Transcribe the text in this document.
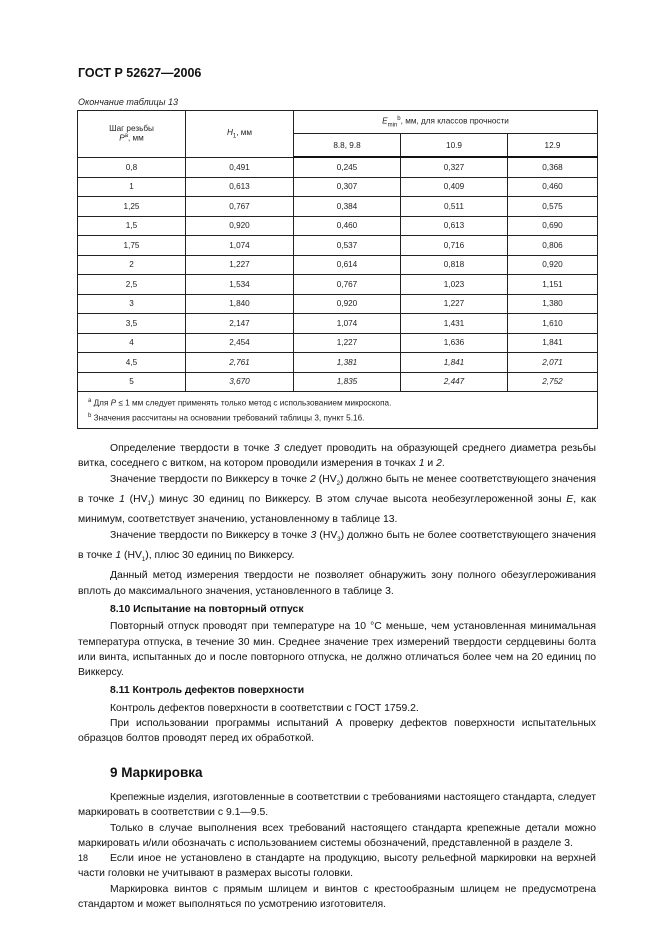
ГОСТ Р 52627—2006
Окончание таблицы 13
Шаг резьбы
$P^a$, мм	$H_1$, мм	$E_{min}^b$, мм, для классов прочности		
		8.8, 9.8	10.9	12.9
0,8	0,491	0,245	0,327	0,368
1	0,613	0,307	0,409	0,460
1,25	0,767	0,384	0,511	0,575
1,5	0,920	0,460	0,613	0,690
1,75	1,074	0,537	0,716	0,806
2	1,227	0,614	0,818	0,920
2,5	1,534	0,767	1,023	1,151
3	1,840	0,920	1,227	1,380
3,5	2,147	1,074	1,431	1,610
4	2,454	1,227	1,636	1,841
4,5	2,761	1,381	1,841	2,071
5	3,670	1,835	2,447	2,752

$^a$ Для P ≤ 1 мм следует применять только метод с использованием микроскопа.
$^b$ Значения рассчитаны на основании требований таблицы 3, пункт 5.16.				

Определение твердости в точке 3 следует проводить на образующей среднего диаметра резьбы витка, соседнего с витком, на котором проводили измерения в точках 1 и 2.

Значение твердости по Виккерсу в точке 2 $(HV_2)$ должно быть не менее соответствующего значения в точке 1 $(HV_1)$ минус 30 единиц по Виккерсу. В этом случае высота необезуглероженной зоны E, как минимум, соответствует значению, установленному в таблице 13.

Значение твердости по Виккерсу в точке 3 $(HV_3)$ должно быть не более соответствующего значения в точке 1 $(HV_1)$, плюс 30 единиц по Виккерсу.

Данный метод измерения твердости не позволяет обнаружить зону полного обезуглероживания вплоть до максимального значения, установленного в таблице 3.

8.10 Испытание на повторный отпуск

Повторный отпуск проводят при температуре на 10 °С меньше, чем установленная минимальная температура отпуска, в течение 30 мин. Среднее значение трех измерений твердости сердцевины болта или винта, испытанных до и после повторного отпуска, не должно отличаться более чем на 20 единиц по Виккерсу.

8.11 Контроль дефектов поверхности

Контроль дефектов поверхности в соответствии с ГОСТ 1759.2.

При использовании программы испытаний А проверку дефектов поверхности испытательных образцов болтов проводят перед их обработкой.

9 Маркировка

Крепежные изделия, изготовленные в соответствии с требованиями настоящего стандарта, следует маркировать в соответствии с 9.1—9.5.

Только в случае выполнения всех требований настоящего стандарта крепежные детали можно маркировать и/или обозначать с использованием системы обозначений, представленной в разделе 3.

Если иное не установлено в стандарте на продукцию, высоту рельефной маркировки на верхней части головки не учитывают в размерах высоты головки.

Маркировка винтов с прямым шлицем и винтов с крестообразным шлицем не предусмотрена стандартом и может выполняться по усмотрению изготовителя.

18
